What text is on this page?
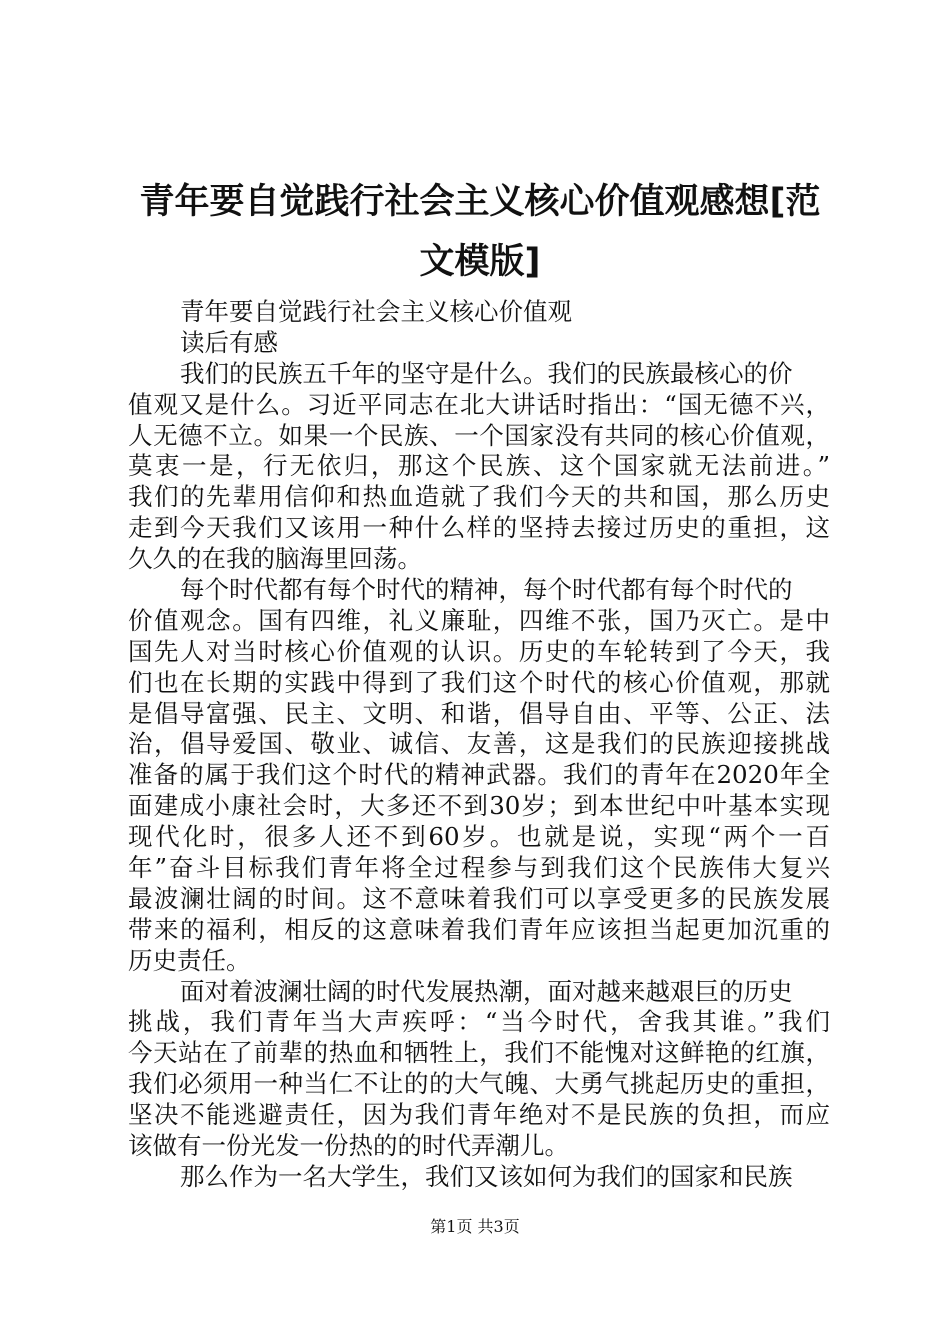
青年要自觉践行社会主义核心价值观感想[范
文模版]
青年要自觉践行社会主义核心价值观
读后有感
我们的民族五千年的坚守是什么。我们的民族最核心的价
值观又是什么。习近平同志在北大讲话时指出：“国无德不兴，
人无德不立。如果一个民族、一个国家没有共同的核心价值观，
莫衷一是，行无依归，那这个民族、这个国家就无法前进。”
我们的先辈用信仰和热血造就了我们今天的共和国，那么历史
走到今天我们又该用一种什么样的坚持去接过历史的重担，这
久久的在我的脑海里回荡。
每个时代都有每个时代的精神，每个时代都有每个时代的
价值观念。国有四维，礼义廉耻，四维不张，国乃灭亡。是中
国先人对当时核心价值观的认识。历史的车轮转到了今天，我
们也在长期的实践中得到了我们这个时代的核心价值观，那就
是倡导富强、民主、文明、和谐，倡导自由、平等、公正、法
治，倡导爱国、敬业、诚信、友善，这是我们的民族迎接挑战
准备的属于我们这个时代的精神武器。我们的青年在2020年全
面建成小康社会时，大多还不到30岁；到本世纪中叶基本实现
现代化时，很多人还不到60岁。也就是说，实现“两个一百
年”奋斗目标我们青年将全过程参与到我们这个民族伟大复兴
最波澜壮阔的时间。这不意味着我们可以享受更多的民族发展
带来的福利，相反的这意味着我们青年应该担当起更加沉重的
历史责任。
面对着波澜壮阔的时代发展热潮，面对越来越艰巨的历史
挑战，我们青年当大声疾呼：“当今时代，舍我其谁。”我们
今天站在了前辈的热血和牺牲上，我们不能愧对这鲜艳的红旗，
我们必须用一种当仁不让的的大气魄、大勇气挑起历史的重担，
坚决不能逃避责任，因为我们青年绝对不是民族的负担，而应
该做有一份光发一份热的的时代弄潮儿。
那么作为一名大学生，我们又该如何为我们的国家和民族
第1页 共3页
